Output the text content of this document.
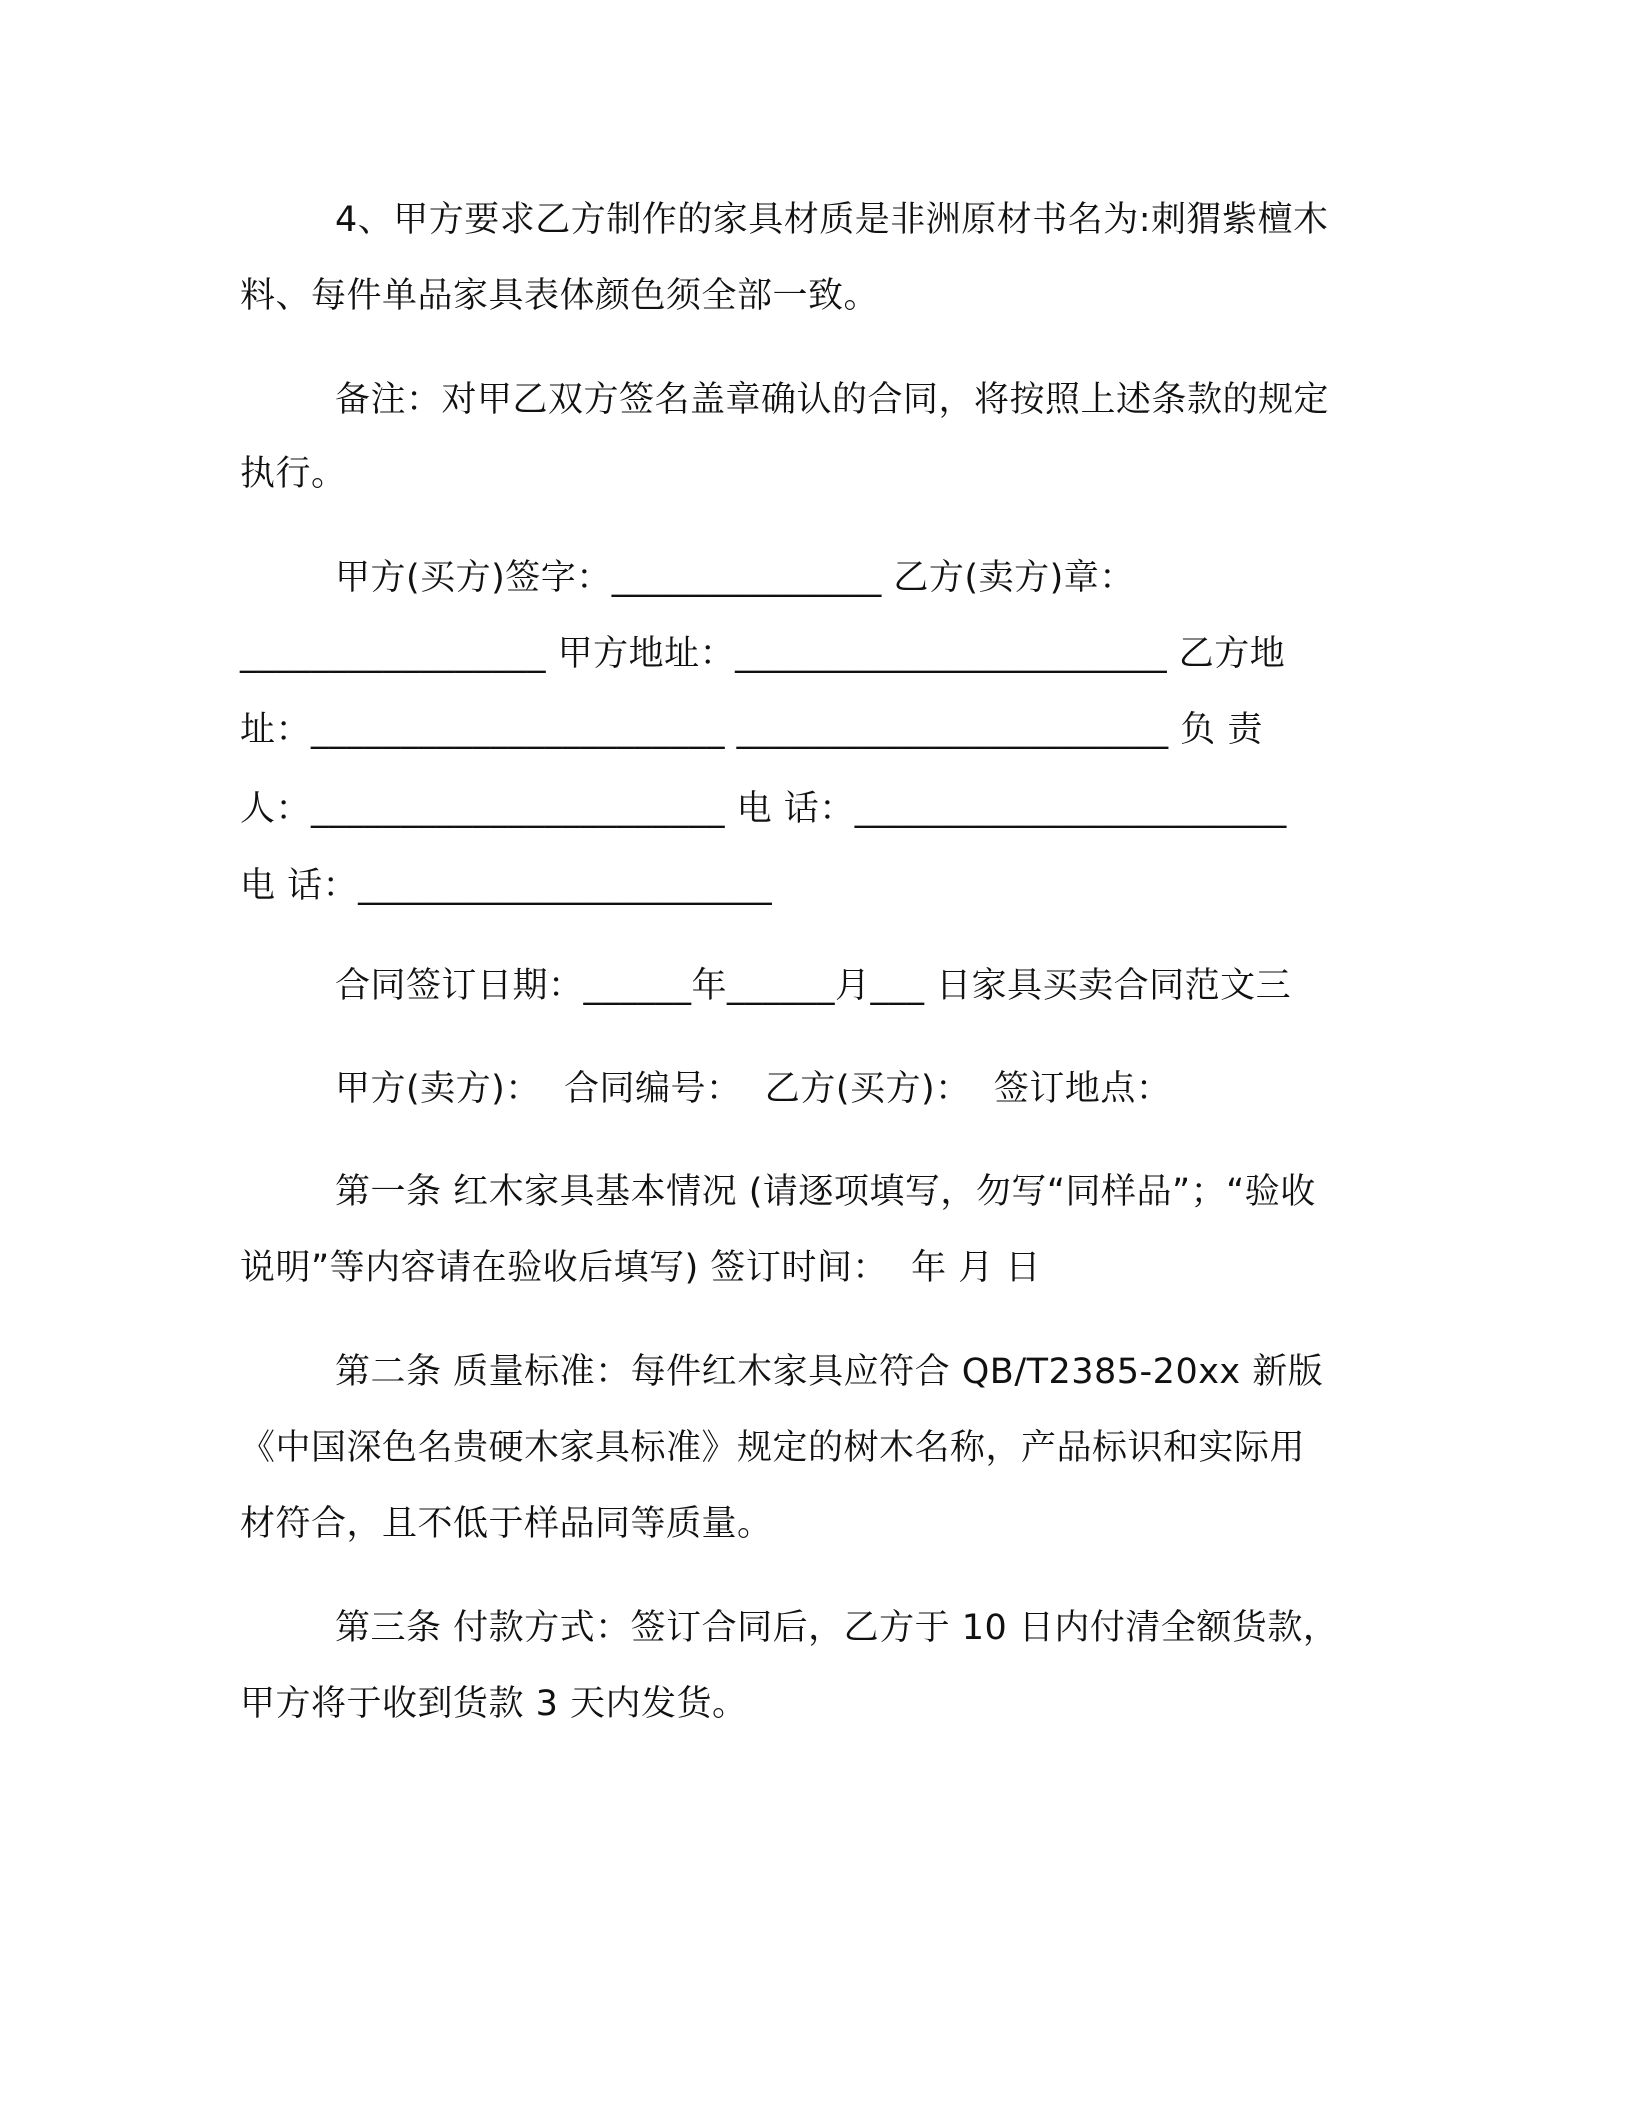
4、甲方要求乙方制作的家具材质是非洲原材书名为:刺猬紫檀木
料、每件单品家具表体颜色须全部一致。
备注：对甲乙双方签名盖章确认的合同，将按照上述条款的规定
执行。
甲方(买方)签字：_______________ 乙方(卖方)章：
_________________ 甲方地址：________________________ 乙方地
址：_______________________ ________________________ 负 责
人：_______________________ 电 话：________________________
电 话：_______________________
合同签订日期：______年______月___ 日家具买卖合同范文三
甲方(卖方)：  合同编号：  乙方(买方)：  签订地点：
第一条 红木家具基本情况 (请逐项填写，勿写“同样品”；“验收
说明”等内容请在验收后填写) 签订时间：  年 月 日
第二条 质量标准：每件红木家具应符合 QB/T2385-20xx 新版
《中国深色名贵硬木家具标准》规定的树木名称，产品标识和实际用
材符合，且不低于样品同等质量。
第三条 付款方式：签订合同后，乙方于 10 日内付清全额货款，
甲方将于收到货款 3 天内发货。
